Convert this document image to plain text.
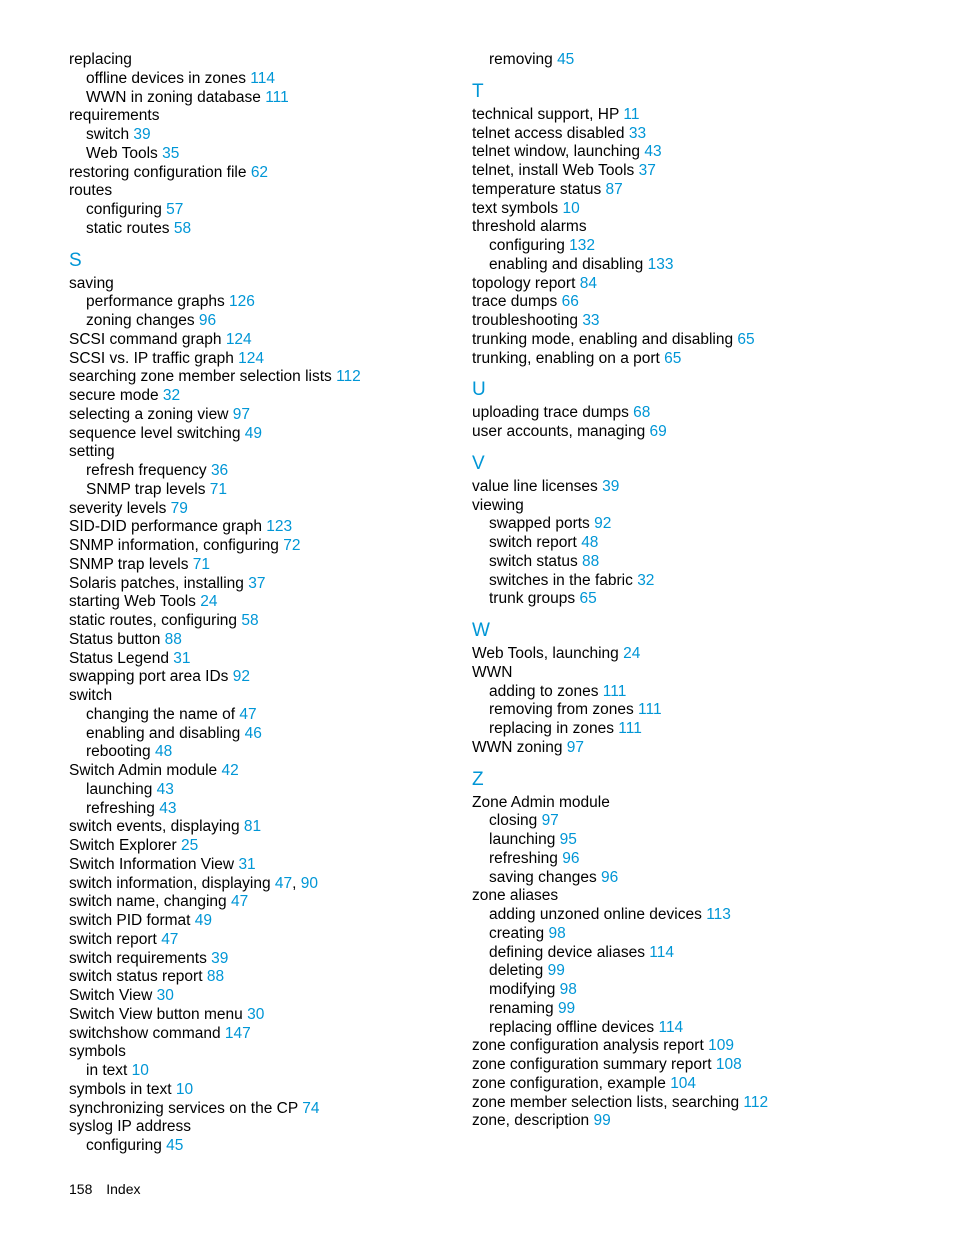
replacing
offline devices in zones 114
WWN in zoning database 111
requirements
switch 39
Web Tools 35
restoring configuration file 62
routes
configuring 57
static routes 58
S
saving
performance graphs 126
zoning changes 96
SCSI command graph 124
SCSI vs. IP traffic graph 124
searching zone member selection lists 112
secure mode 32
selecting a zoning view 97
sequence level switching 49
setting
refresh frequency 36
SNMP trap levels 71
severity levels 79
SID-DID performance graph 123
SNMP information, configuring 72
SNMP trap levels 71
Solaris patches, installing 37
starting Web Tools 24
static routes, configuring 58
Status button 88
Status Legend 31
swapping port area IDs 92
switch
changing the name of 47
enabling and disabling 46
rebooting 48
Switch Admin module 42
launching 43
refreshing 43
switch events, displaying 81
Switch Explorer 25
Switch Information View 31
switch information, displaying 47, 90
switch name, changing 47
switch PID format 49
switch report 47
switch requirements 39
switch status report 88
Switch View 30
Switch View button menu 30
switchshow command 147
symbols
in text 10
symbols in text 10
synchronizing services on the CP 74
syslog IP address
configuring 45
removing 45
T
technical support, HP 11
telnet access disabled 33
telnet window, launching 43
telnet, install Web Tools 37
temperature status 87
text symbols 10
threshold alarms
configuring 132
enabling and disabling 133
topology report 84
trace dumps 66
troubleshooting 33
trunking mode, enabling and disabling 65
trunking, enabling on a port 65
U
uploading trace dumps 68
user accounts, managing 69
V
value line licenses 39
viewing
swapped ports 92
switch report 48
switch status 88
switches in the fabric 32
trunk groups 65
W
Web Tools, launching 24
WWN
adding to zones 111
removing from zones 111
replacing in zones 111
WWN zoning 97
Z
Zone Admin module
closing 97
launching 95
refreshing 96
saving changes 96
zone aliases
adding unzoned online devices 113
creating 98
defining device aliases 114
deleting 99
modifying 98
renaming 99
replacing offline devices 114
zone configuration analysis report 109
zone configuration summary report 108
zone configuration, example 104
zone member selection lists, searching 112
zone, description 99
158 Index
